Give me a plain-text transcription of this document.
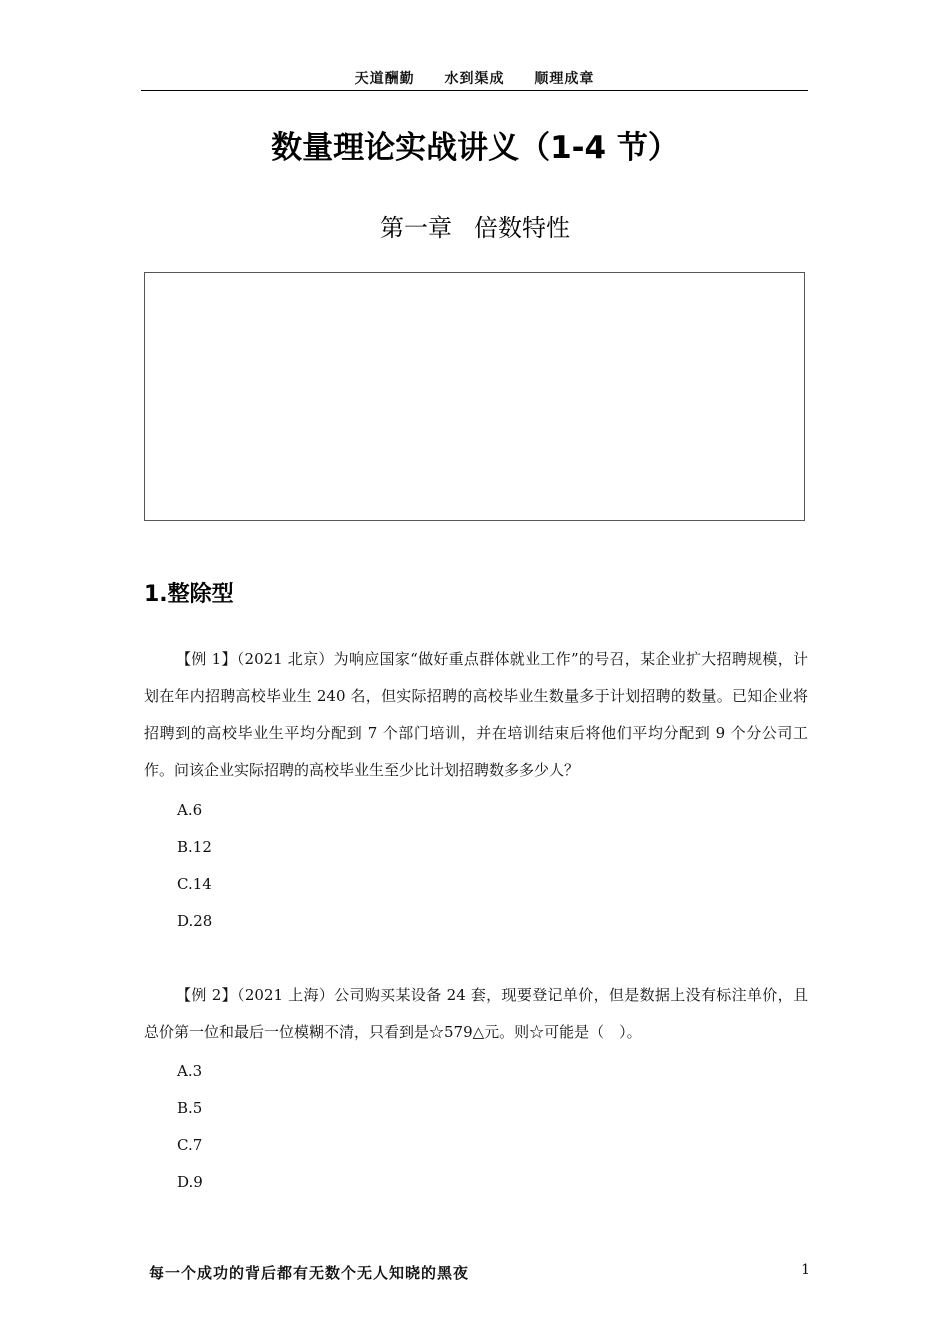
天道酬勤 水到渠成 顺理成章
数量理论实战讲义（1-4 节）
第一章 倍数特性
1.整除型
【例 1】（2021 北京）为响应国家“做好重点群体就业工作”的号召，某企业扩大招聘规模，计划在年内招聘高校毕业生 240 名，但实际招聘的高校毕业生数量多于计划招聘的数量。已知企业将招聘到的高校毕业生平均分配到 7 个部门培训，并在培训结束后将他们平均分配到 9 个分公司工作。问该企业实际招聘的高校毕业生至少比计划招聘数多多少人？
A.6
B.12
C.14
D.28
【例 2】（2021 上海）公司购买某设备 24 套，现要登记单价，但是数据上没有标注单价，且总价第一位和最后一位模糊不清，只看到是☆579△元。则☆可能是（　）。
A.3
B.5
C.7
D.9
每一个成功的背后都有无数个无人知晓的黑夜	1
